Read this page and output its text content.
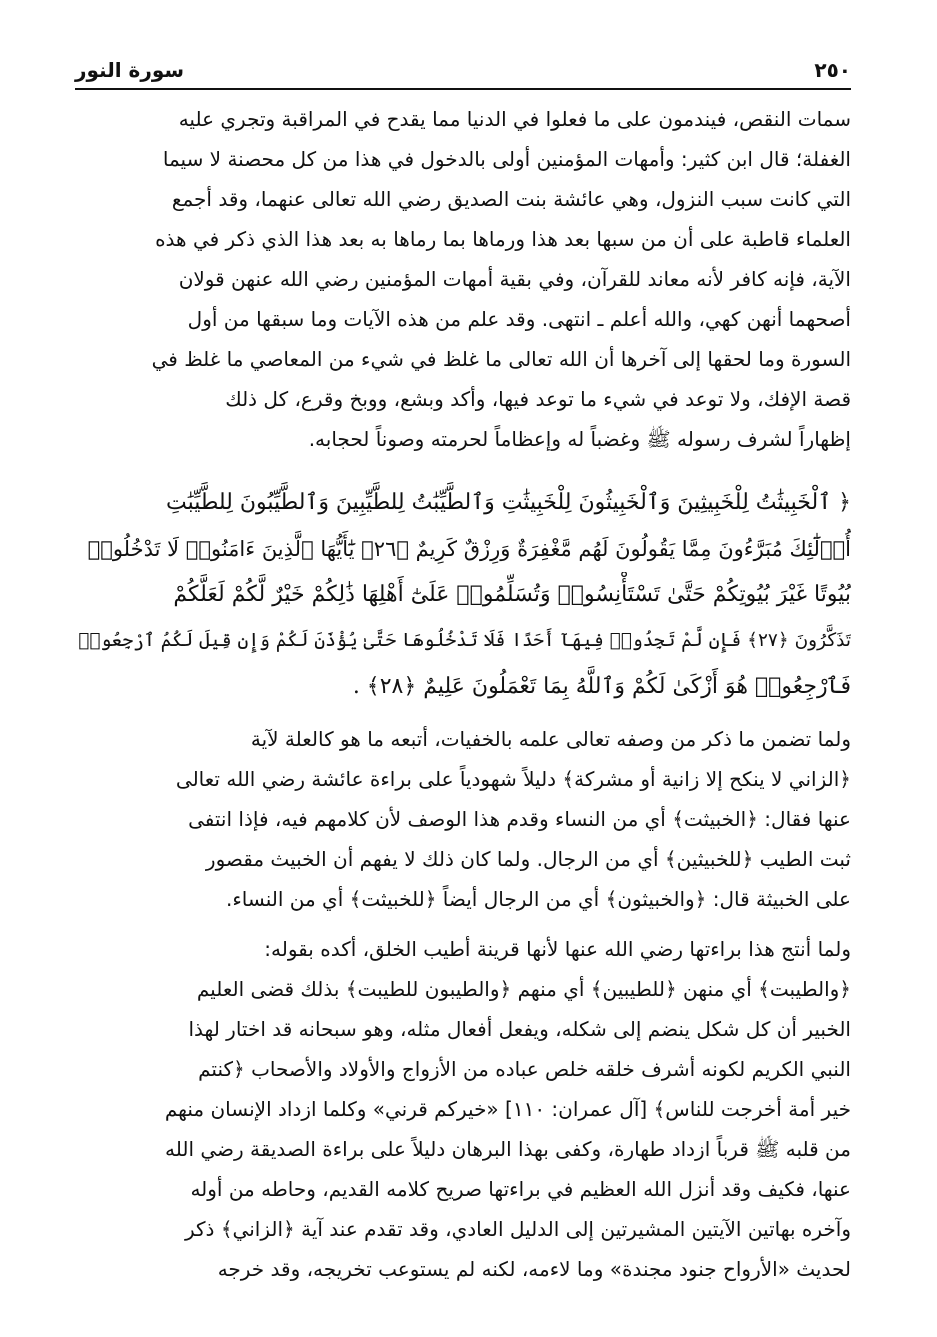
٢٥٠
سورة النور
سمات النقص، فيندمون على ما فعلوا في الدنيا مما يقدح في المراقبة وتجري عليه
الغفلة؛ قال ابن كثير: وأمهات المؤمنين أولى بالدخول في هذا من كل محصنة لا سيما
التي كانت سبب النزول، وهي عائشة بنت الصديق رضي الله تعالى عنهما، وقد أجمع
العلماء قاطبة على أن من سبها بعد هذا ورماها بما رماها به بعد هذا الذي ذكر في هذه
الآية، فإنه كافر لأنه معاند للقرآن، وفي بقية أمهات المؤمنين رضي الله عنهن قولان
أصحهما أنهن كهي، والله أعلم ـ انتهى. وقد علم من هذه الآيات وما سبقها من أول
السورة وما لحقها إلى آخرها أن الله تعالى ما غلظ في شيء من المعاصي ما غلظ في
قصة الإفك، ولا توعد في شيء ما توعد فيها، وأكد وبشع، ووبخ وقرع، كل ذلك
إظهاراً لشرف رسوله ﷺ وغضباً له وإعظاماً لحرمته وصوناً لحجابه.
﴿ ٱلْخَبِيثَٰتُ لِلْخَبِيثِينَ وَٱلْخَبِيثُونَ لِلْخَبِيثَٰتِ وَٱلطَّيِّبَٰتُ لِلطَّيِّبِينَ وَٱلطَّيِّبُونَ لِلطَّيِّبَٰتِ
أُو۟لَٰٓئِكَ مُبَرَّءُونَ مِمَّا يَقُولُونَ لَهُم مَّغْفِرَةٌ وَرِزْقٌ كَرِيمٌ ﴿٢٦﴾ يَٰٓأَيُّهَا ٱلَّذِينَ ءَامَنُوا۟ لَا تَدْخُلُوا۟
بُيُوتًا غَيْرَ بُيُوتِكُمْ حَتَّىٰ تَسْتَأْنِسُوا۟ وَتُسَلِّمُوا۟ عَلَىٰٓ أَهْلِهَا ذَٰلِكُمْ خَيْرٌ لَّكُمْ لَعَلَّكُمْ
تَذَكَّرُونَ ﴿٢٧﴾ فَإِن لَّمْ تَجِدُوا۟ فِيهَآ أَحَدًا فَلَا تَدْخُلُوهَا حَتَّىٰ يُؤْذَنَ لَكُمْ وَإِن قِيلَ لَكُمُ ٱرْجِعُوا۟
فَٱرْجِعُوا۟ هُوَ أَزْكَىٰ لَكُمْ وَٱللَّهُ بِمَا تَعْمَلُونَ عَلِيمٌ ﴿٢٨﴾ .
ولما تضمن ما ذكر من وصفه تعالى علمه بالخفيات، أتبعه ما هو كالعلة لآية
﴿الزاني لا ينكح إلا زانية أو مشركة﴾ دليلاً شهودياً على براءة عائشة رضي الله تعالى
عنها فقال: ﴿الخبيثت﴾ أي من النساء وقدم هذا الوصف لأن كلامهم فيه، فإذا انتفى
ثبت الطيب ﴿للخبيثين﴾ أي من الرجال. ولما كان ذلك لا يفهم أن الخبيث مقصور
على الخبيثة قال: ﴿والخبيثون﴾ أي من الرجال أيضاً ﴿للخبيثت﴾ أي من النساء.
ولما أنتج هذا براءتها رضي الله عنها لأنها قرينة أطيب الخلق، أكده بقوله:
﴿والطيبت﴾ أي منهن ﴿للطيبين﴾ أي منهم ﴿والطيبون للطيبت﴾ بذلك قضى العليم
الخبير أن كل شكل ينضم إلى شكله، ويفعل أفعال مثله، وهو سبحانه قد اختار لهذا
النبي الكريم لكونه أشرف خلقه خلص عباده من الأزواج والأولاد والأصحاب ﴿كنتم
خير أمة أخرجت للناس﴾ [آل عمران: ١١٠] «خيركم قرني» وكلما ازداد الإنسان منهم
من قلبه ﷺ قرباً ازداد طهارة، وكفى بهذا البرهان دليلاً على براءة الصديقة رضي الله
عنها، فكيف وقد أنزل الله العظيم في براءتها صريح كلامه القديم، وحاطه من أوله
وآخره بهاتين الآيتين المشيرتين إلى الدليل العادي، وقد تقدم عند آية ﴿الزاني﴾ ذكر
لحديث «الأرواح جنود مجندة» وما لاءمه، لكنه لم يستوعب تخريجه، وقد خرجه
